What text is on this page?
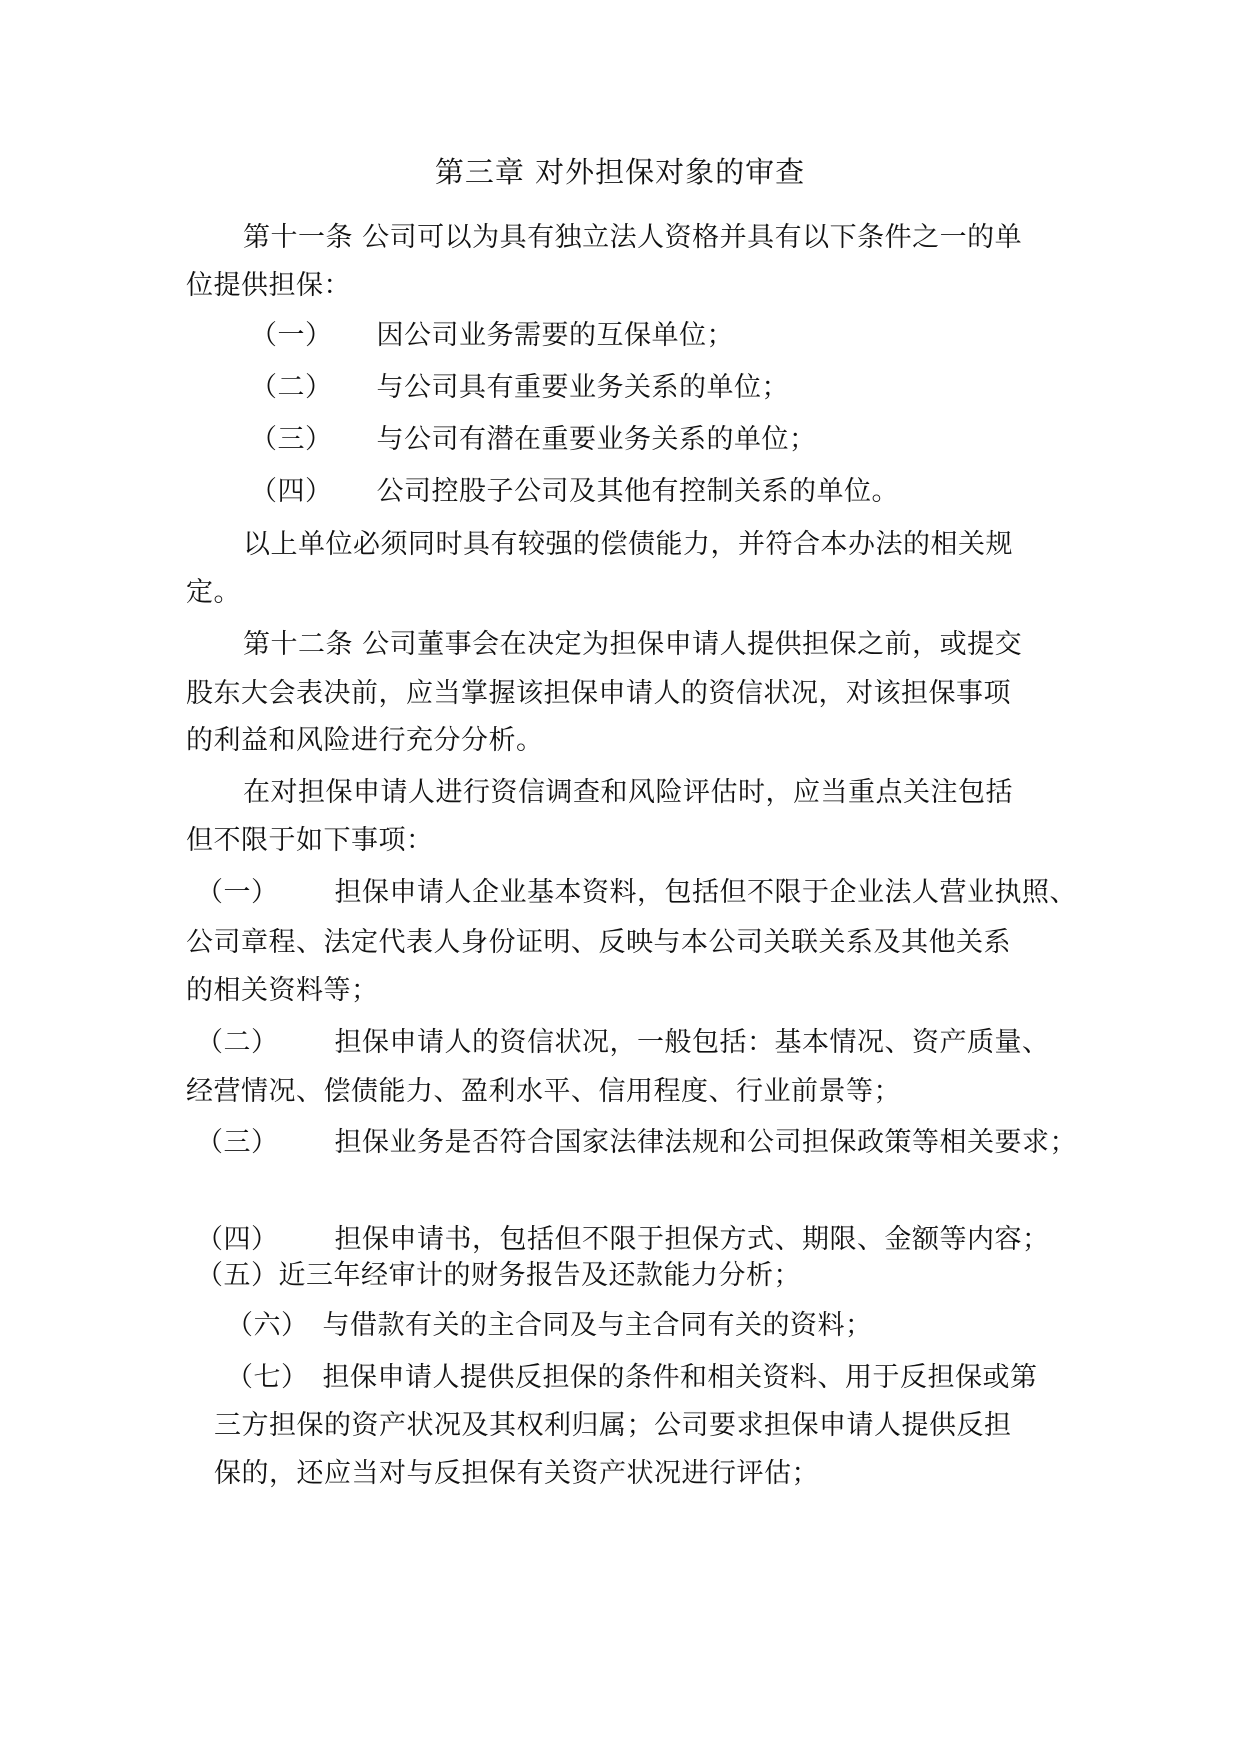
第三章 对外担保对象的审查
第十一条 公司可以为具有独立法人资格并具有以下条件之一的单
位提供担保：
（一） 因公司业务需要的互保单位；
（二） 与公司具有重要业务关系的单位；
（三） 与公司有潜在重要业务关系的单位；
（四） 公司控股子公司及其他有控制关系的单位。
以上单位必须同时具有较强的偿债能力，并符合本办法的相关规
定。
第十二条 公司董事会在决定为担保申请人提供担保之前，或提交
股东大会表决前，应当掌握该担保申请人的资信状况，对该担保事项
的利益和风险进行充分分析。
在对担保申请人进行资信调查和风险评估时，应当重点关注包括
但不限于如下事项：
（一） 担保申请人企业基本资料，包括但不限于企业法人营业执照、
公司章程、法定代表人身份证明、反映与本公司关联关系及其他关系
的相关资料等；
（二） 担保申请人的资信状况，一般包括：基本情况、资产质量、
经营情况、偿债能力、盈利水平、信用程度、行业前景等；
（三） 担保业务是否符合国家法律法规和公司担保政策等相关要求；
（四） 担保申请书，包括但不限于担保方式、期限、金额等内容；
（五）近三年经审计的财务报告及还款能力分析；
（六） 与借款有关的主合同及与主合同有关的资料；
（七） 担保申请人提供反担保的条件和相关资料、用于反担保或第
三方担保的资产状况及其权利归属；公司要求担保申请人提供反担
保的，还应当对与反担保有关资产状况进行评估；
